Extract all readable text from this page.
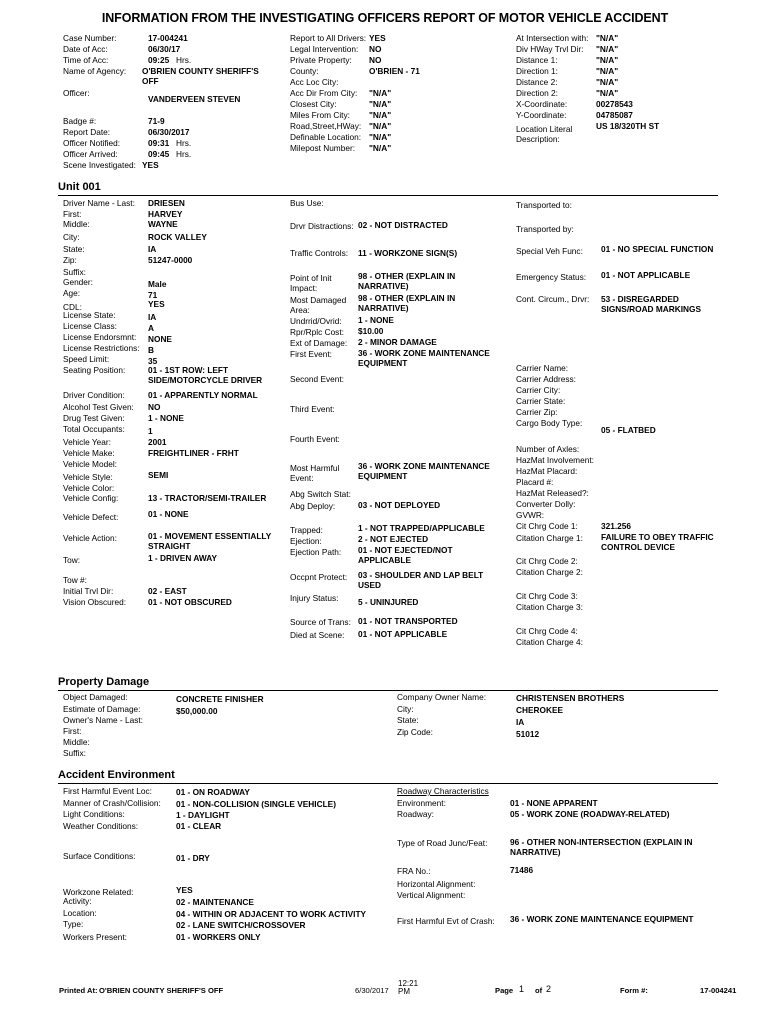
INFORMATION FROM THE INVESTIGATING OFFICERS REPORT OF MOTOR VEHICLE ACCIDENT
Case Number:	17-004241
Date of Acc:	06/30/17
Time of Acc:	09:25 Hrs.
Name of Agency:	O'BRIEN COUNTY SHERIFF'S OFF
Officer:
VANDERVEEN STEVEN
Badge #:	71-9
Report Date:	06/30/2017
Officer Notified:	09:31 Hrs.
Officer Arrived:	09:45 Hrs.
Scene Investigated: YES
Report to All Drivers: YES
Legal Intervention:	NO
Private Property:	NO
County:	O'BRIEN - 71
Acc Loc City:
Acc Dir From City:	"N/A"
Closest City:	"N/A"
Miles From City:	"N/A"
Road,Street,HWay: "N/A"
Definable Location: "N/A"
Milepost Number:	"N/A"
At Intersection with: "N/A"
Div HWay Trvl Dir:	"N/A"
Distance 1:	"N/A"
Direction 1:	"N/A"
Distance 2:	"N/A"
Direction 2:	"N/A"
X-Coordinate:	00278543
Y-Coordinate:	04785087
Location Literal Description:
US 18/320TH ST
Unit 001
Driver Name - Last:	DRIESEN
First:	HARVEY
Middle:	WAYNE
City:	ROCK VALLEY
State:	IA
Zip:	51247-0000
Suffix:
Gender:	Male
Age:	71
CDL:	YES
License State:	IA
License Class:	A
License Endorsmnt:	NONE
License Restrictions:	B
Speed Limit:	35
Seating Position:	01 - 1ST ROW: LEFT SIDE/MOTORCYCLE DRIVER
Driver Condition:	01 - APPARENTLY NORMAL
Alcohol Test Given:	NO
Drug Test Given:	1 - NONE
Total Occupants:	1
Vehicle Year:	2001
Vehicle Make:	FREIGHTLINER - FRHT
Vehicle Model:
Vehicle Style:	SEMI
Vehicle Color:
Vehicle Config:	13 - TRACTOR/SEMI-TRAILER
Vehicle Defect:	01 - NONE
Vehicle Action:	01 - MOVEMENT ESSENTIALLY STRAIGHT
Tow:	1 - DRIVEN AWAY
Tow #:
Initial Trvl Dir:	02 - EAST
Vision Obscured:	01 - NOT OBSCURED
Bus Use:
Drvr Distractions: 02 - NOT DISTRACTED
Traffic Controls:	11 - WORKZONE SIGN(S)
Point of Init Impact:
98 - OTHER (EXPLAIN IN NARRATIVE)
Most Damaged Area:
98 - OTHER (EXPLAIN IN NARRATIVE)
Undrrid/Ovrid:	1 - NONE
Rpr/Rplc Cost:	$10.00
Ext of Damage:	2 - MINOR DAMAGE
First Event:	36 - WORK ZONE MAINTENANCE EQUIPMENT
Second Event:
Third Event:
Fourth Event:
Most Harmful Event:
36 - WORK ZONE MAINTENANCE EQUIPMENT
Abg Switch Stat:
Abg Deploy:	03 - NOT DEPLOYED
Trapped:	1 - NOT TRAPPED/APPLICABLE
Ejection:	2 - NOT EJECTED
Ejection Path:	01 - NOT EJECTED/NOT APPLICABLE
Occpnt Protect:	03 - SHOULDER AND LAP BELT USED
Injury Status:	5 - UNINJURED
Source of Trans: 01 - NOT TRANSPORTED
Died at Scene:	01 - NOT APPLICABLE
Transported to:
Transported by:
Special Veh Func:	01 - NO SPECIAL FUNCTION
Emergency Status:	01 - NOT APPLICABLE
Cont. Circum., Drvr:	53 - DISREGARDED SIGNS/ROAD MARKINGS
Carrier Name:
Carrier Address:
Carrier City:
Carrier State:
Carrier Zip:
Cargo Body Type:
05 - FLATBED
Number of Axles:
HazMat Involvement:
HazMat Placard:
Placard #:
HazMat Released?:
Converter Dolly:
GVWR:
Cit Chrg Code 1:	321.256
Citation Charge 1:	FAILURE TO OBEY TRAFFIC CONTROL DEVICE
Cit Chrg Code 2:
Citation Charge 2:
Cit Chrg Code 3:
Citation Charge 3:
Cit Chrg Code 4:
Citation Charge 4:
Property Damage
Object Damaged:	CONCRETE FINISHER
Estimate of Damage:	$50,000.00
Owner's Name - Last:
First:
Middle:
Suffix:
Company Owner Name:	CHRISTENSEN BROTHERS
City:	CHEROKEE
State:	IA
Zip Code:	51012
Accident Environment
First Harmful Event Loc:	01 - ON ROADWAY
Manner of Crash/Collision:	01 - NON-COLLISION (SINGLE VEHICLE)
Light Conditions:	1 - DAYLIGHT
Weather Conditions:	01 - CLEAR
Surface Conditions:	01 - DRY
Workzone Related:	YES
Activity:	02 - MAINTENANCE
Location:	04 - WITHIN OR ADJACENT TO WORK ACTIVITY
Type:	02 - LANE SWITCH/CROSSOVER
Workers Present:	01 - WORKERS ONLY
Roadway Characteristics
Environment:	01 - NONE APPARENT
Roadway:	05 - WORK ZONE (ROADWAY-RELATED)
Type of Road Junc/Feat:	96 - OTHER NON-INTERSECTION (EXPLAIN IN NARRATIVE)
FRA No.:	71486
Horizontal Alignment:
Vertical Alignment:
First Harmful Evt of Crash:	36 - WORK ZONE MAINTENANCE EQUIPMENT
Printed At: O'BRIEN COUNTY SHERIFF'S OFF	6/30/2017
12:21 PM	Page 1 of 2	Form #:	17-004241
